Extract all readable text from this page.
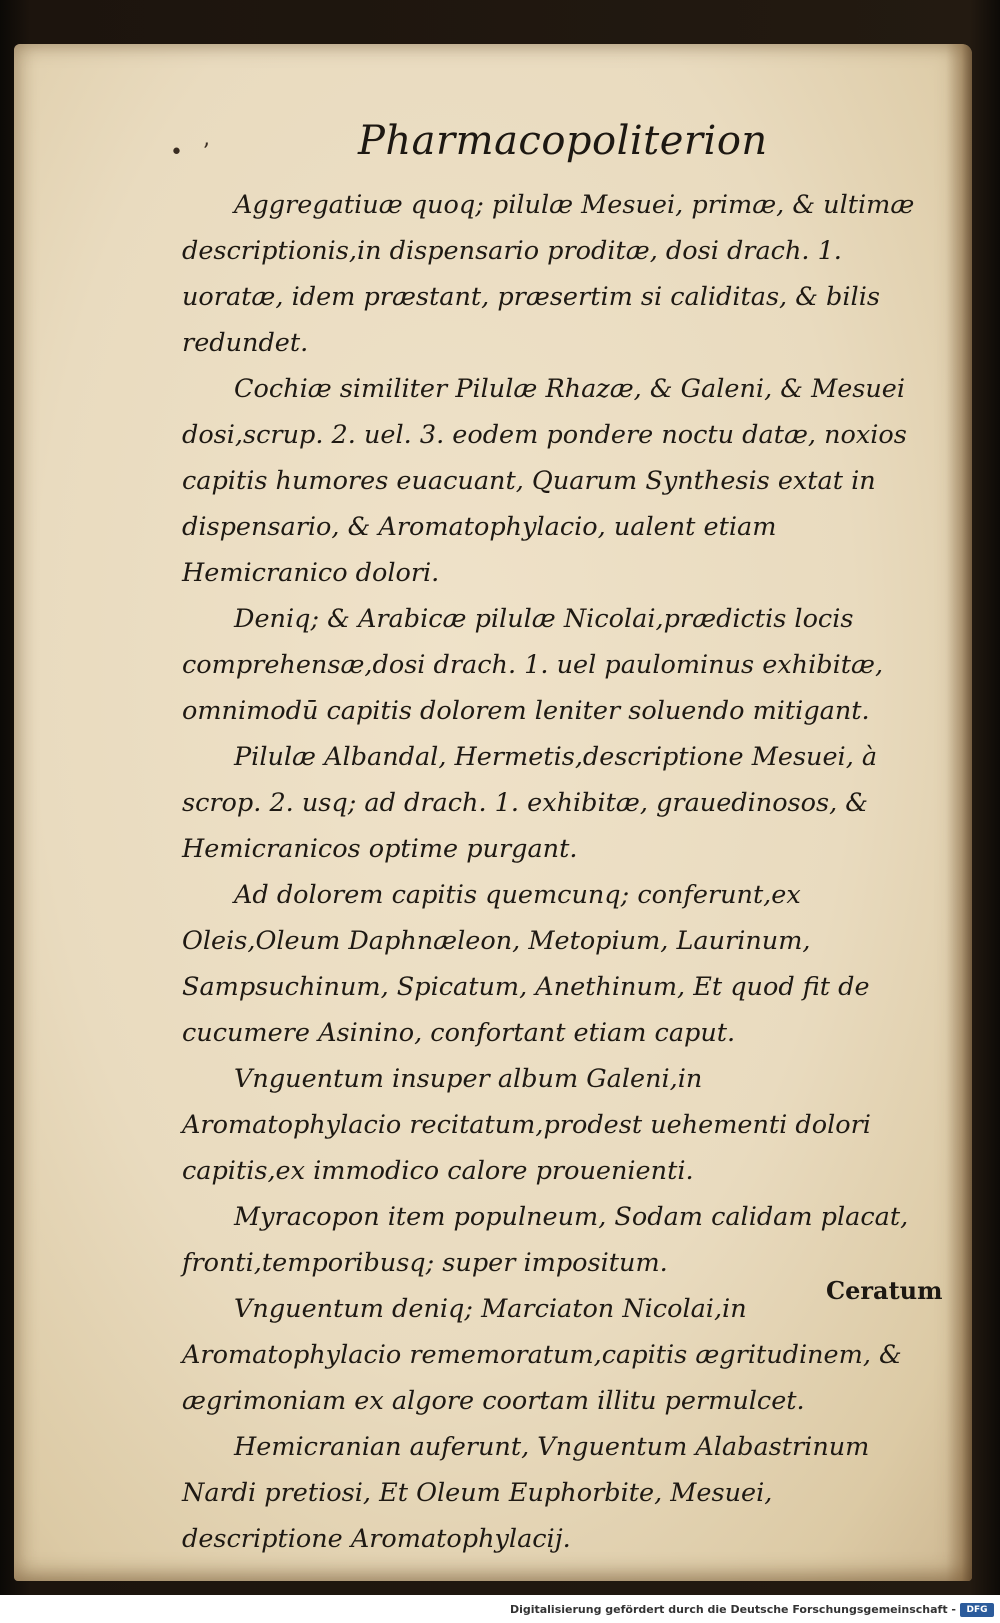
• ʼ	Pharmacopoliterion

Aggregatiuæ quoq; pilulæ Mesuei, primæ, & ultimæ descriptionis,in dispensario proditæ, dosi drach. 1. uoratæ, idem præstant, præsertim si caliditas, & bilis redundet.

Cochiæ similiter Pilulæ Rhazæ, & Galeni, & Mesuei dosi,scrup. 2. uel. 3. eodem pondere noctu datæ, noxios capitis humores euacuant, Quarum Synthesis extat in dispensario, & Aromatophylacio, ualent etiam Hemicranico dolori.

Deniq; & Arabicæ pilulæ Nicolai,prædictis locis comprehensæ,dosi drach. 1. uel paulominus exhibitæ, omnimodū capitis dolorem leniter soluendo mitigant.

Pilulæ Albandal, Hermetis,descriptione Mesuei, à scrop. 2. usq; ad drach. 1. exhibitæ, grauedinosos, & Hemicranicos optime purgant.

Ad dolorem capitis quemcunq; conferunt,ex Oleis,Oleum Daphnæleon, Metopium, Laurinum, Sampsuchinum, Spicatum, Anethinum, Et quod fit de cucumere Asinino, confortant etiam caput.

Vnguentum insuper album Galeni,in Aromatophylacio recitatum,prodest uehementi dolori capitis,ex immodico calore prouenienti.

Myracopon item populneum, Sodam calidam placat, fronti,temporibusq; super impositum.

Vnguentum deniq; Marciaton Nicolai,in Aromatophylacio rememoratum,capitis ægritudinem, & ægrimoniam ex algore coortam illitu permulcet.

Hemicranian auferunt, Vnguentum Alabastrinum Nardi pretiosi, Et Oleum Euphorbite, Mesuei, descriptione Aromatophylacij.

Ceratum
Digitalisierung gefördert durch die Deutsche Forschungsgemeinschaft -	DFG
